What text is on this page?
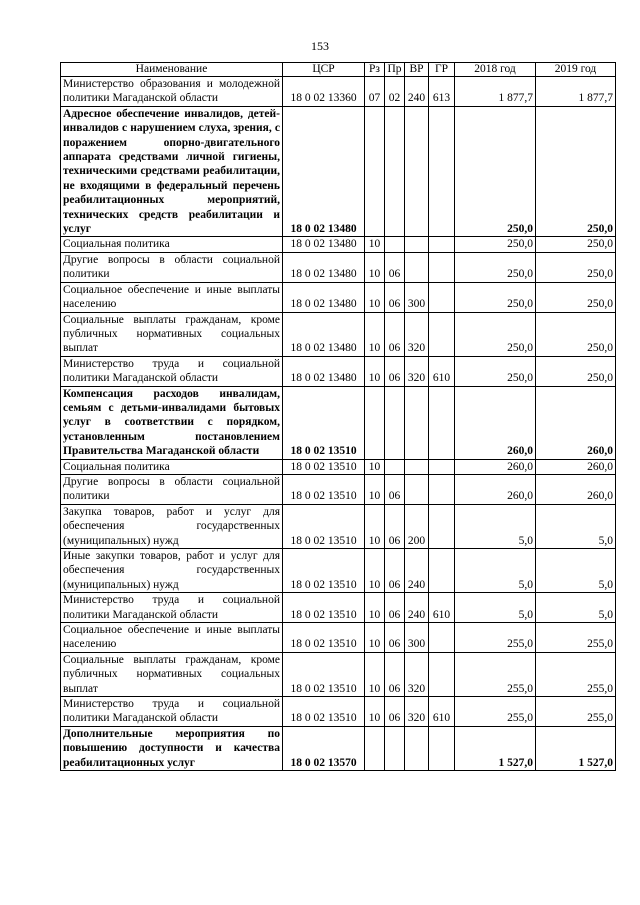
153
Наименование	ЦСР	Рз	Пр	ВР	ГР	2018 год	2019 год
Министерство образования и молодежной политики Магаданской области	18 0 02 13360	07	02	240	613	1 877,7	1 877,7
Адресное обеспечение инвалидов, детей-инвалидов с нарушением слуха, зрения, с поражением опорно-двигательного аппарата средствами личной гигиены, техническими средствами реабилитации, не входящими в федеральный перечень реабилитационных мероприятий, технических средств реабилитации и услуг	18 0 02 13480					250,0	250,0
Социальная политика	18 0 02 13480	10				250,0	250,0
Другие вопросы в области социальной политики	18 0 02 13480	10	06			250,0	250,0
Социальное обеспечение и иные выплаты населению	18 0 02 13480	10	06	300		250,0	250,0
Социальные выплаты гражданам, кроме публичных нормативных социальных выплат	18 0 02 13480	10	06	320		250,0	250,0
Министерство труда и социальной политики Магаданской области	18 0 02 13480	10	06	320	610	250,0	250,0
Компенсация расходов инвалидам, семьям с детьми-инвалидами бытовых услуг в соответствии с порядком, установленным постановлением Правительства Магаданской области	18 0 02 13510					260,0	260,0
Социальная политика	18 0 02 13510	10				260,0	260,0
Другие вопросы в области социальной политики	18 0 02 13510	10	06			260,0	260,0
Закупка товаров, работ и услуг для обеспечения государственных (муниципальных) нужд	18 0 02 13510	10	06	200		5,0	5,0
Иные закупки товаров, работ и услуг для обеспечения государственных (муниципальных) нужд	18 0 02 13510	10	06	240		5,0	5,0
Министерство труда и социальной политики Магаданской области	18 0 02 13510	10	06	240	610	5,0	5,0
Социальное обеспечение и иные выплаты населению	18 0 02 13510	10	06	300		255,0	255,0
Социальные выплаты гражданам, кроме публичных нормативных социальных выплат	18 0 02 13510	10	06	320		255,0	255,0
Министерство труда и социальной политики Магаданской области	18 0 02 13510	10	06	320	610	255,0	255,0
Дополнительные мероприятия по повышению доступности и качества реабилитационных услуг	18 0 02 13570					1 527,0	1 527,0
